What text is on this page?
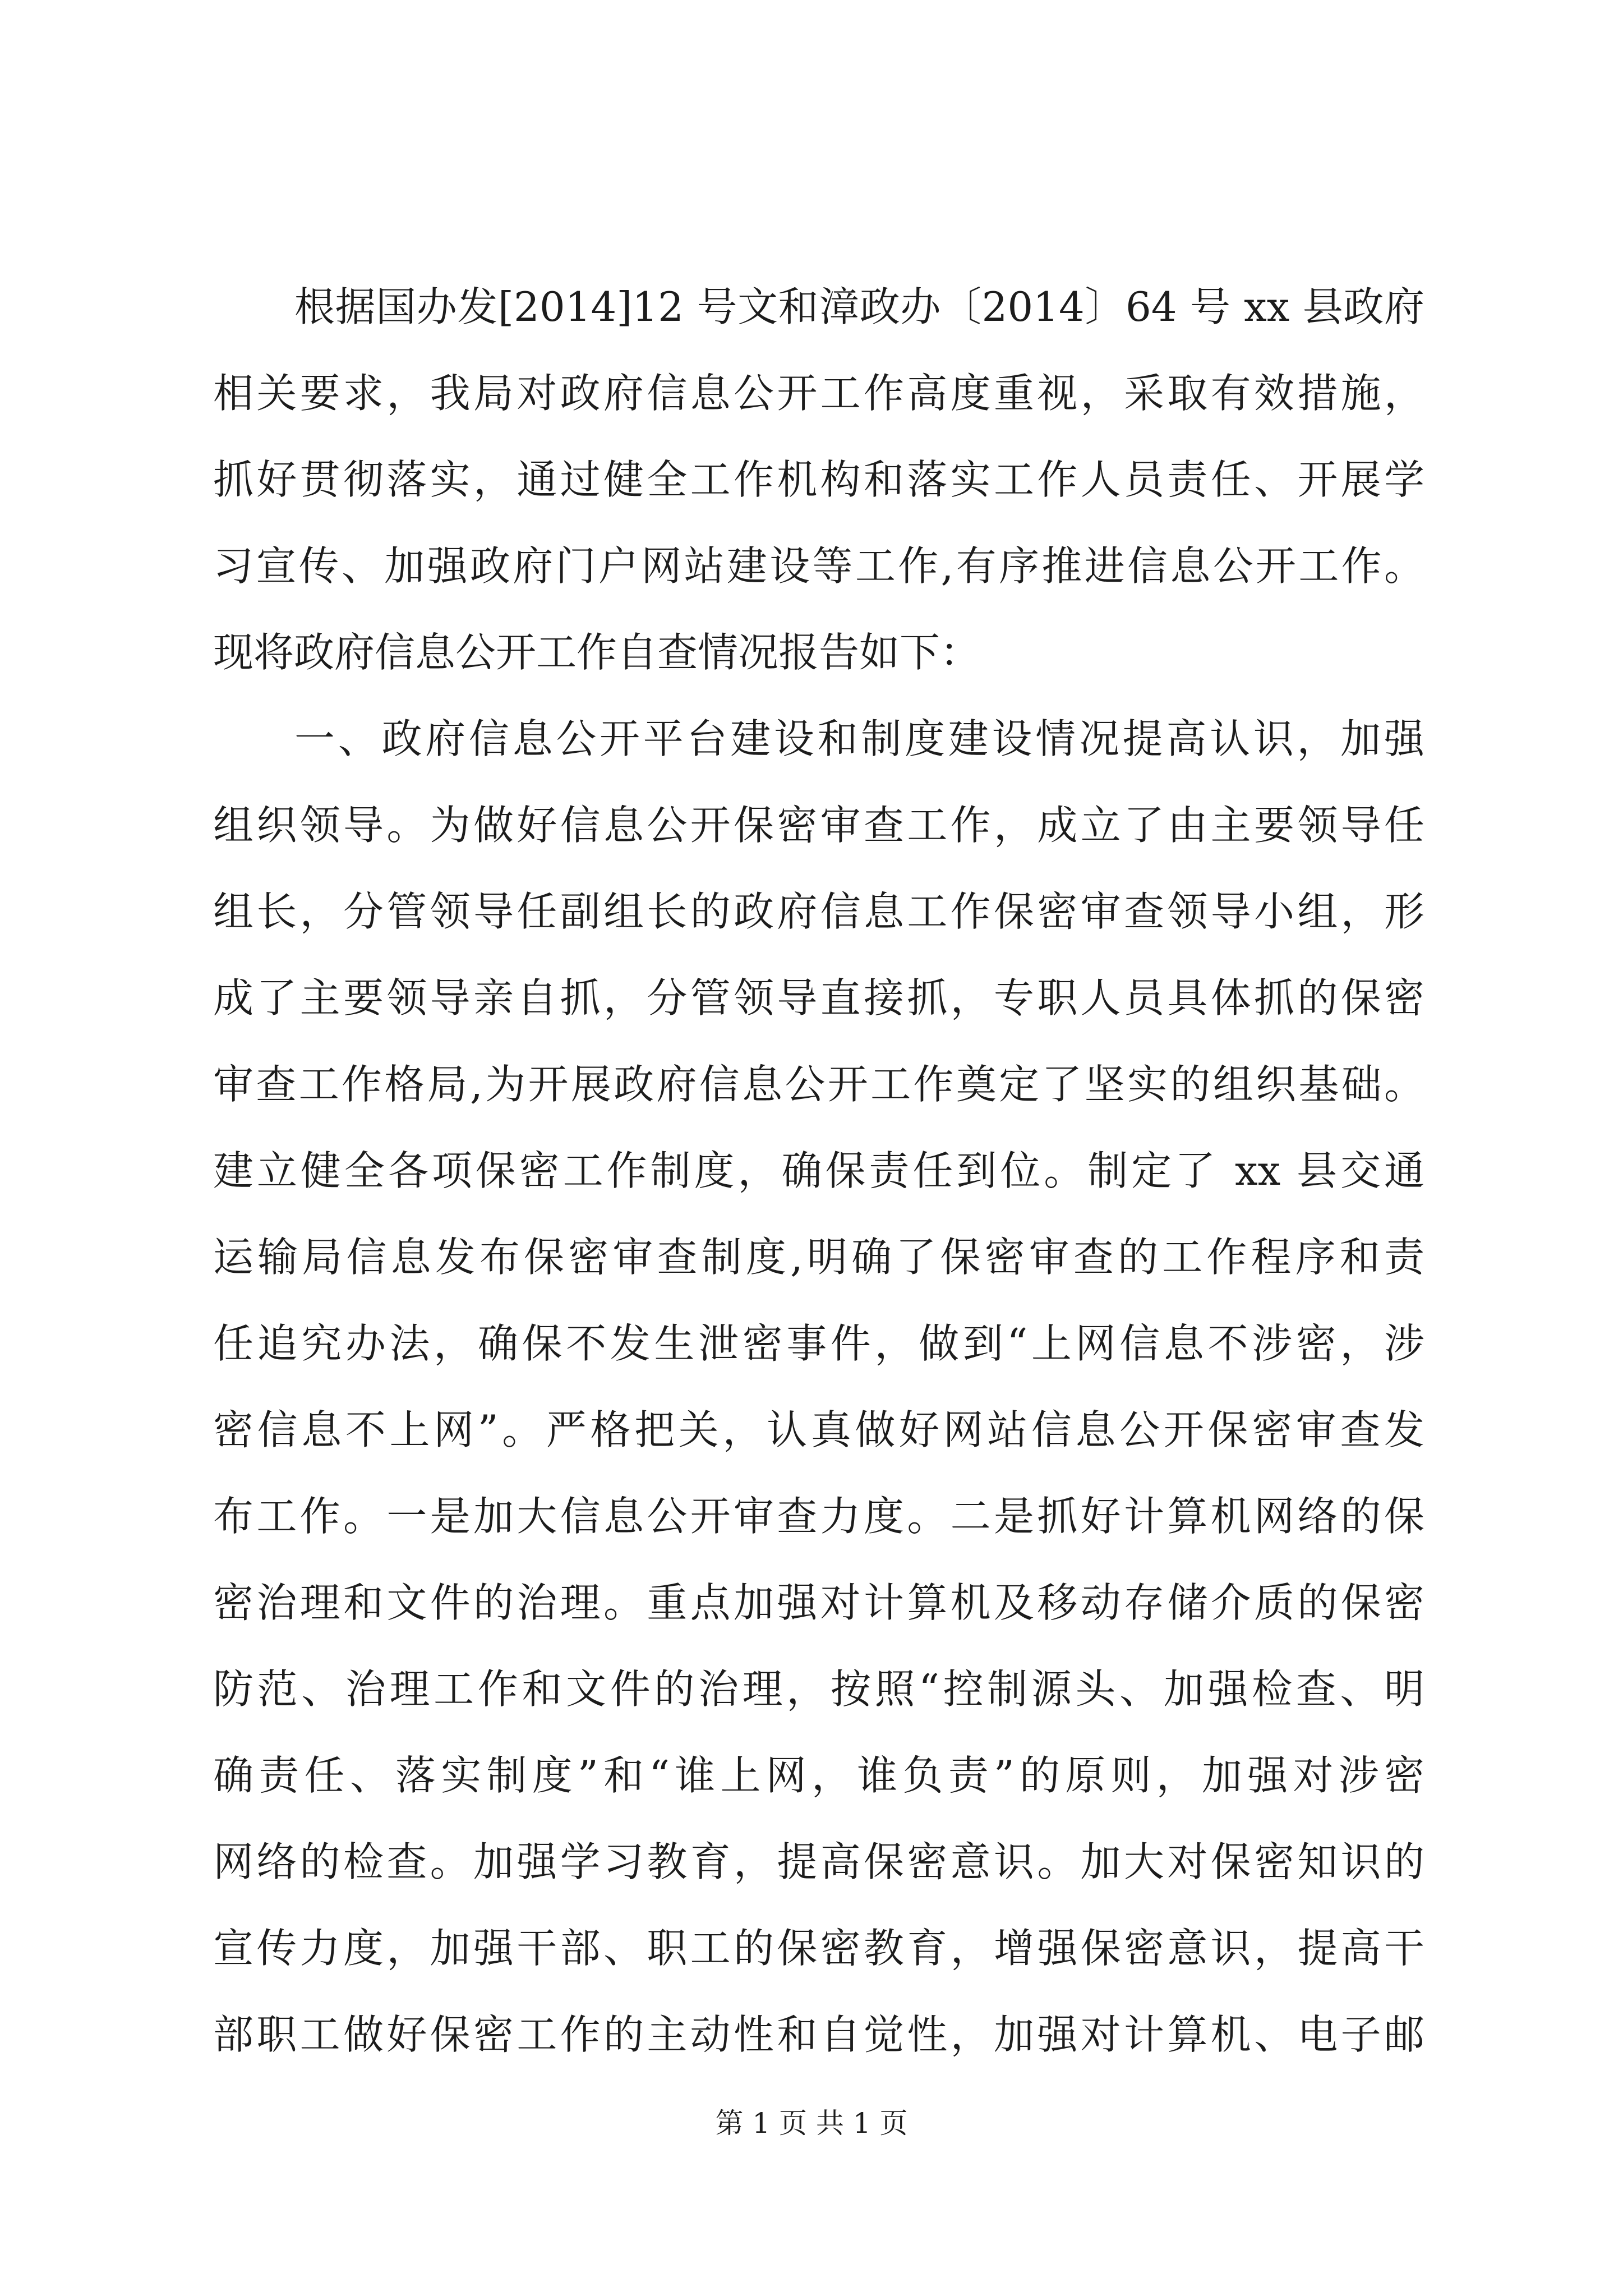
根据国办发[2014]12 号文和漳政办〔2014〕64 号 xx 县政府
相关要求，我局对政府信息公开工作高度重视，采取有效措施，
抓好贯彻落实，通过健全工作机构和落实工作人员责任、开展学
习宣传、加强政府门户网站建设等工作,有序推进信息公开工作。
现将政府信息公开工作自查情况报告如下：
一、政府信息公开平台建设和制度建设情况提高认识，加强
组织领导。为做好信息公开保密审查工作，成立了由主要领导任
组长，分管领导任副组长的政府信息工作保密审查领导小组，形
成了主要领导亲自抓，分管领导直接抓，专职人员具体抓的保密
审查工作格局,为开展政府信息公开工作奠定了坚实的组织基础。
建立健全各项保密工作制度，确保责任到位。制定了 xx 县交通
运输局信息发布保密审查制度,明确了保密审查的工作程序和责
任追究办法，确保不发生泄密事件，做到“上网信息不涉密，涉
密信息不上网”。严格把关，认真做好网站信息公开保密审查发
布工作。一是加大信息公开审查力度。二是抓好计算机网络的保
密治理和文件的治理。重点加强对计算机及移动存储介质的保密
防范、治理工作和文件的治理，按照“控制源头、加强检查、明
确责任、落实制度”和“谁上网，谁负责”的原则，加强对涉密
网络的检查。加强学习教育，提高保密意识。加大对保密知识的
宣传力度，加强干部、职工的保密教育，增强保密意识，提高干
部职工做好保密工作的主动性和自觉性，加强对计算机、电子邮
第 1 页 共 1 页
